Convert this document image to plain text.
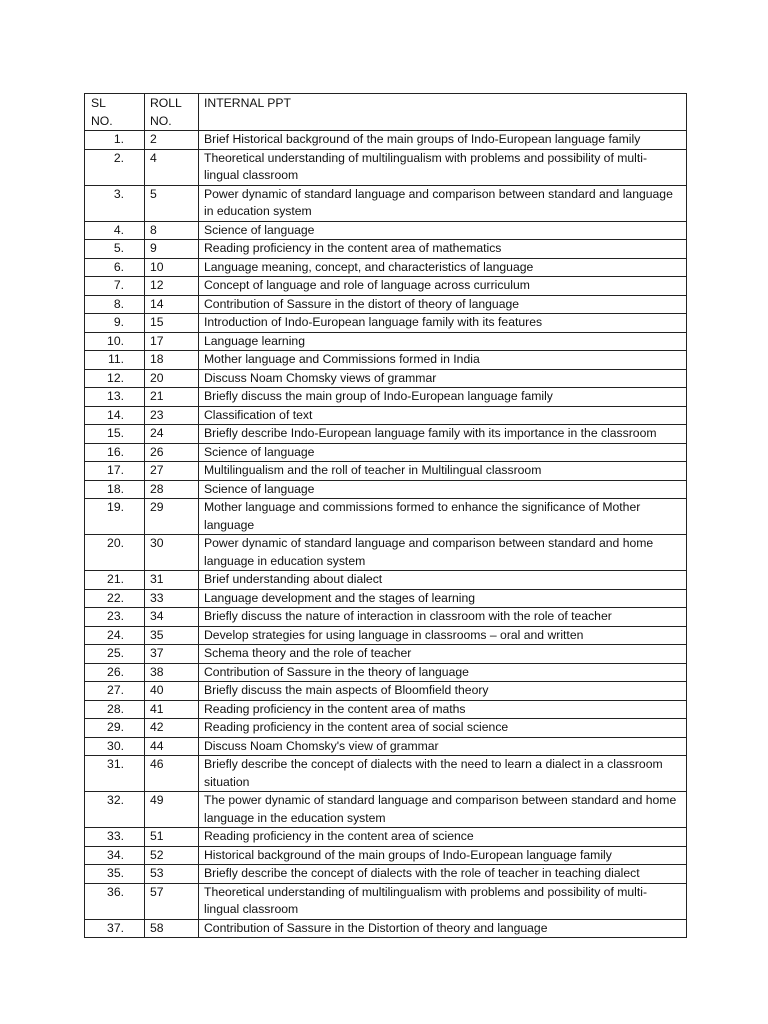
SL NO.	ROLL NO.	INTERNAL PPT
1.	2	Brief Historical background of the main groups of Indo-European language family
2.	4	Theoretical understanding of multilingualism with problems and possibility of multi-lingual classroom
3.	5	Power dynamic of standard language and comparison between standard and language in education system
4.	8	Science of language
5.	9	Reading proficiency in the content area of mathematics
6.	10	Language meaning, concept, and characteristics of language
7.	12	Concept of language and role of language across curriculum
8.	14	Contribution of Sassure in the distort of theory of language
9.	15	Introduction of Indo-European language family with its features
10.	17	Language learning
11.	18	Mother language and Commissions formed in India
12.	20	Discuss Noam Chomsky views of grammar
13.	21	Briefly discuss the main group of Indo-European language family
14.	23	Classification of text
15.	24	Briefly describe Indo-European language family with its importance in the classroom
16.	26	Science of language
17.	27	Multilingualism and the roll of teacher in Multilingual classroom
18.	28	Science of language
19.	29	Mother language and commissions formed to enhance the significance of Mother language
20.	30	Power dynamic of standard language and comparison between standard and home language in education system
21.	31	Brief understanding about dialect
22.	33	Language development and the stages of learning
23.	34	Briefly discuss the nature of interaction in classroom with the role of teacher
24.	35	Develop strategies for using language in classrooms – oral and written
25.	37	Schema theory and the role of teacher
26.	38	Contribution of Sassure in the theory of language
27.	40	Briefly discuss the main aspects of Bloomfield theory
28.	41	Reading proficiency in the content area of maths
29.	42	Reading proficiency in the content area of social science
30.	44	Discuss Noam Chomsky's view of grammar
31.	46	Briefly describe the concept of dialects with the need to learn a dialect in a classroom situation
32.	49	The power dynamic of standard language and comparison between standard and home language in the education system
33.	51	Reading proficiency in the content area of science
34.	52	Historical background of the main groups of Indo-European language family
35.	53	Briefly describe the concept of dialects with the role of teacher in teaching dialect
36.	57	Theoretical understanding of multilingualism with problems and possibility of multi-lingual classroom
37.	58	Contribution of Sassure in the Distortion of theory and language
